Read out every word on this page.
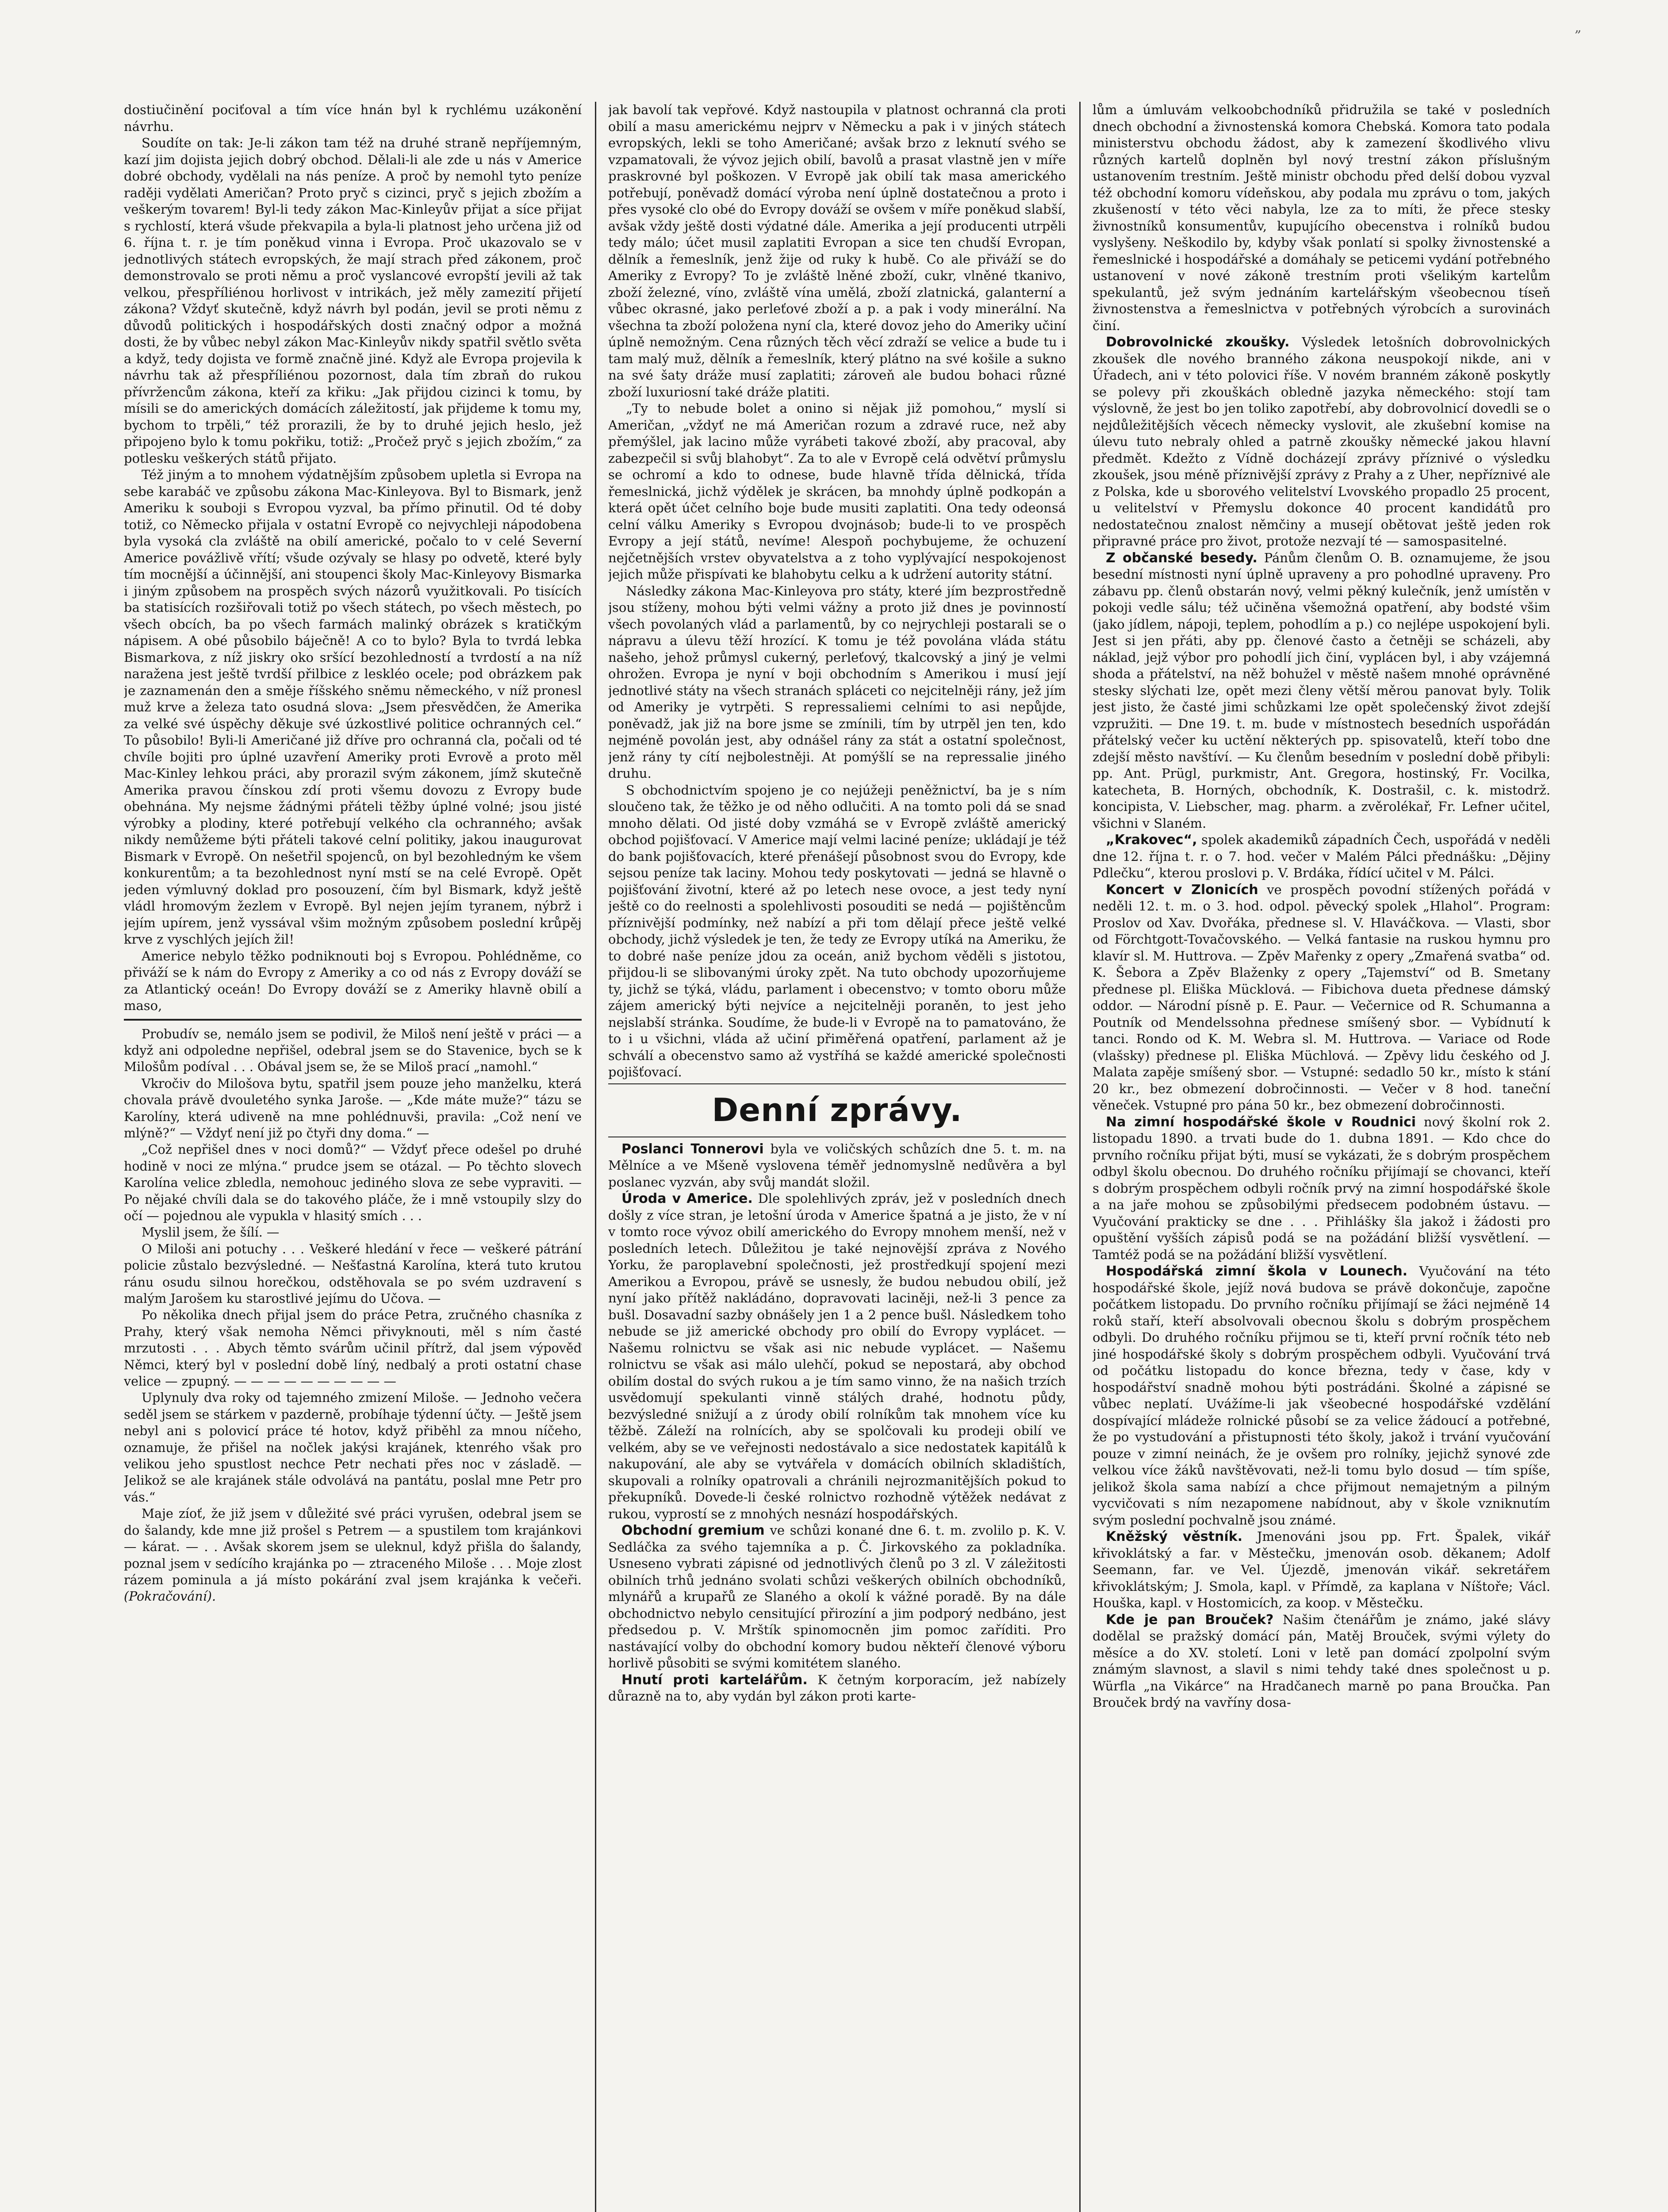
„

dostiučinění pociťoval a tím více hnán byl k rychlému uzákonění návrhu.

Soudíte on tak: Je-li zákon tam též na druhé straně nepříjemným, kazí jim dojista jejich dobrý obchod. Dělali-li ale zde u nás v Americe dobré obchody, vydělali na nás peníze. A proč by nemohl tyto peníze raději vydělati Američan? Proto pryč s cizinci, pryč s jejich zbožím a veškerým tovarem! Byl-li tedy zákon Mac-Kinleyův přijat a síce přijat s rychlostí, která všude překvapila a byla-li platnost jeho určena již od 6. října t. r. je tím poněkud vinna i Evropa. Proč ukazovalo se v jednotlivých státech evropských, že mají strach před zákonem, proč demonstrovalo se proti němu a proč vyslancové evropští jevili až tak velkou, přespříliénou horlivost v intrikách, jež měly zamezití přijetí zákona? Vždyť skutečně, když návrh byl podán, jevil se proti němu z důvodů politických i hospodářských dosti značný odpor a možná dosti, že by vůbec nebyl zákon Mac-Kinleyův nikdy spatřil světlo světa a když, tedy dojista ve formě značně jiné. Když ale Evropa projevila k návrhu tak až přespříliénou pozornost, dala tím zbraň do rukou přívržencům zákona, kteří za křiku: „Jak přijdou cizinci k tomu, by mísili se do amerických domácích záležitostí, jak přijdeme k tomu my, bychom to trpěli,“ též prorazili, že by to druhé jejich heslo, jež připojeno bylo k tomu pokřiku, totiž: „Pročež pryč s jejich zbožím,“ za potlesku veškerých států přijato.

Též jiným a to mnohem výdatnějším způsobem upletla si Evropa na sebe karabáč ve způsobu zákona Mac-Kinleyova. Byl to Bismark, jenž Ameriku k souboji s Evropou vyzval, ba přímo přinutil. Od té doby totiž, co Německo přijala v ostatní Evropě co nejvychleji nápodobena byla vysoká cla zvláště na obilí americké, počalo to v celé Severní Americe povážlivě vřítí; všude ozývaly se hlasy po odvetě, které byly tím mocnější a účinnější, ani stoupenci školy Mac-Kinleyovy Bismarka i jiným způsobem na prospěch svých názorů využitkovali. Po tisících ba statisících rozšiřovali totiž po všech státech, po všech městech, po všech obcích, ba po všech farmách malinký obrázek s kratičkým nápisem. A obé působilo báječně! A co to bylo? Byla to tvrdá lebka Bismarkova, z níž jiskry oko sršící bezohledností a tvrdostí a na níž naražena jest ještě tvrdší přilbice z leskléo ocele; pod obrázkem pak je zaznamenán den a směje říšského sněmu německého, v níž pronesl muž krve a železa tato osudná slova: „Jsem přesvědčen, že Amerika za velké své úspěchy děkuje své úzkostlivé politice ochranných cel.“ To působilo! Byli-li Američané již dříve pro ochranná cla, počali od té chvíle bojiti pro úplné uzavření Ameriky proti Evrově a proto měl Mac-Kinley lehkou práci, aby prorazil svým zákonem, jímž skutečně Amerika pravou čínskou zdí proti všemu dovozu z Evropy bude obehnána. My nejsme žádnými přáteli těžby úplné volné; jsou jisté výrobky a plodiny, které potřebují velkého cla ochranného; avšak nikdy nemůžeme býti přáteli takové celní politiky, jakou inaugurovat Bismark v Evropě. On nešetřil spojenců, on byl bezohledným ke všem konkurentům; a ta bezohlednost nyní mstí se na celé Evropě. Opět jeden výmluvný doklad pro posouzení, čím byl Bismark, když ještě vládl hromovým žezlem v Evropě. Byl nejen jejím tyranem, nýbrž i jejím upírem, jenž vyssával všim možným způsobem poslední krůpěj krve z vyschlých jejích žil!

Americe nebylo těžko podniknouti boj s Evropou. Pohlédněme, co přiváží se k nám do Evropy z Ameriky a co od nás z Evropy dováží se za Atlantický oceán! Do Evropy dováží se z Ameriky hlavně obilí a maso,

Probudív se, nemálo jsem se podivil, že Miloš není ještě v práci — a když ani odpoledne nepřišel, odebral jsem se do Stavenice, bych se k Milošům podíval . . . Obával jsem se, že se Miloš prací „namohl.“

Vkročiv do Milošova bytu, spatřil jsem pouze jeho manželku, která chovala právě dvouletého synka Jaroše. — „Kde máte muže?“ tázu se Karolíny, která udiveně na mne pohlédnuvši, pravila: „Což není ve mlýně?“ — Vždyť není již po čtyři dny doma.“ —

„Což nepřišel dnes v noci domů?“ — Vždyť přece odešel po druhé hodině v noci ze mlýna.“ prudce jsem se otázal. — Po těchto slovech Karolína velice zbledla, nemohouc jediného slova ze sebe vypraviti. — Po nějaké chvíli dala se do takového pláče, že i mně vstoupily slzy do očí — pojednou ale vypukla v hlasitý smích . . .

Myslil jsem, že šílí. —

O Miloši ani potuchy . . . Veškeré hledání v řece — veškeré pátrání policie zůstalo bezvýsledné. — Nešťastná Karolína, která tuto krutou ránu osudu silnou horečkou, odstěhovala se po svém uzdravení s malým Jarošem ku starostlivé jejímu do Učova. —

Po několika dnech přijal jsem do práce Petra, zručného chasníka z Prahy, který však nemoha Němci přivyknouti, měl s ním časté mrzutosti . . . Abych těmto svárům učinil přítrž, dal jsem výpověď Němci, který byl v poslední době líný, nedbalý a proti ostatní chase velice — zpupný. — — — — — — — — — —

Uplynuly dva roky od tajemného zmizení Miloše. — Jednoho večera seděl jsem se stárkem v pazderně, probíhaje týdenní účty. — Ještě jsem nebyl ani s polovicí práce té hotov, když přiběhl za mnou níčeho, oznamuje, že přišel na nočlek jakýsi krajánek, ktenrého však pro velikou jeho spustlost nechce Petr nechati přes noc v zásladě. — Jelikož se ale krajánek stále odvolává na pantátu, poslal mne Petr pro vás.“

Maje zíoť, že již jsem v důležité své práci vyrušen, odebral jsem se do šalandy, kde mne již prošel s Petrem — a spustilem tom krajánkovi — kárat. — . . Avšak skorem jsem se uleknul, když přišla do šalandy, poznal jsem v sedícího krajánka po — ztraceného Miloše . . . Moje zlost rázem pominula a já místo pokárání zval jsem krajánka k večeři. (Pokračování).

jak bavolí tak vepřové. Když nastoupila v platnost ochranná cla proti obilí a masu americkému nejprv v Německu a pak i v jiných státech evropských, lekli se toho Američané; avšak brzo z leknutí svého se vzpamatovali, že vývoz jejich obilí, bavolů a prasat vlastně jen v míře praskrovné byl poškozen. V Evropě jak obilí tak masa amerického potřebují, poněvadž domácí výroba není úplně dostatečnou a proto i přes vysoké clo obé do Evropy dováží se ovšem v míře poněkud slabší, avšak vždy ještě dosti výdatné dále. Amerika a její producenti utrpěli tedy málo; účet musil zaplatiti Evropan a sice ten chudší Evropan, dělník a řemeslník, jenž žije od ruky k hubě. Co ale přiváží se do Ameriky z Evropy? To je zvláště lněné zboží, cukr, vlněné tkanivo, zboží železné, víno, zvláště vína umělá, zboží zlatnická, galanterní a vůbec okrasné, jako perleťové zboží a p. a pak i vody minerální. Na všechna ta zboží položena nyní cla, které dovoz jeho do Ameriky učiní úplně nemožným. Cena různých těch věcí zdraží se velice a bude tu i tam malý muž, dělník a řemeslník, který plátno na své košile a sukno na své šaty dráže musí zaplatiti; zároveň ale budou bohaci různé zboží luxuriosní také dráže platiti.

„Ty to nebude bolet a onino si nějak již pomohou,“ myslí si Američan, „vždyť ne má Američan rozum a zdravé ruce, než aby přemýšlel, jak lacino může vyrábeti takové zboží, aby pracoval, aby zabezpečil si svůj blahobyt“. Za to ale v Evropě celá odvětví průmyslu se ochromí a kdo to odnese, bude hlavně třída dělnická, třída řemeslnická, jichž výdělek je skrácen, ba mnohdy úplně podkopán a která opět účet celního boje bude musiti zaplatiti. Ona tedy odeonsá celní válku Ameriky s Evropou dvojnásob; bude-li to ve prospěch Evropy a její států, nevíme! Alespoň pochybujeme, že ochuzení nejčetnějších vrstev obyvatelstva a z toho vyplývající nespokojenost jejich může přispívati ke blahobytu celku a k udržení autority státní.

Následky zákona Mac-Kinleyova pro státy, které jím bezprostředně jsou stíženy, mohou býti velmi vážny a proto již dnes je povinností všech povolaných vlád a parlamentů, by co nejrychleji postarali se o nápravu a úlevu těží hrozící. K tomu je též povolána vláda státu našeho, jehož průmysl cukerný, perleťový, tkalcovský a jiný je velmi ohrožen. Evropa je nyní v boji obchodním s Amerikou i musí její jednotlivé státy na všech stranách spláceti co nejcitelněji rány, jež jím od Ameriky je vytrpěti. S repressaliemi celními to asi nepůjde, poněvadž, jak již na bore jsme se zmínili, tím by utrpěl jen ten, kdo nejméně povolán jest, aby odnášel rány za stát a ostatní společnost, jenž rány ty cítí nejbolestněji. At pomýšlí se na repressalie jiného druhu.

S obchodnictvím spojeno je co nejúžeji peněžnictví, ba je s ním sloučeno tak, že těžko je od něho odlučiti. A na tomto poli dá se snad mnoho dělati. Od jisté doby vzmáhá se v Evropě zvláště americký obchod pojišťovací. V Americe mají velmi laciné peníze; ukládají je též do bank pojišťovacích, které přenášejí působnost svou do Evropy, kde sejsou peníze tak laciny. Mohou tedy poskytovati — jedná se hlavně o pojišťování životní, které až po letech nese ovoce, a jest tedy nyní ještě co do reelnosti a spolehlivosti posouditi se nedá — pojištěncům příznivější podmínky, než nabízí a při tom dělají přece ještě velké obchody, jichž výsledek je ten, že tedy ze Evropy utíká na Ameriku, že to dobré naše peníze jdou za oceán, aniž bychom věděli s jistotou, přijdou-li se slibovanými úroky zpět. Na tuto obchody upozorňujeme ty, jichž se týká, vládu, parlament i obecenstvo; v tomto oboru může zájem americký býti nejvíce a nejcitelněji poraněn, to jest jeho nejslabší stránka. Soudíme, že bude-li v Evropě na to pamatováno, že to i u všichni, vláda až učiní přiměřená opatření, parlament až je schválí a obecenstvo samo až vystříhá se každé americké společnosti pojišťovací.

Denní zprávy.

Poslanci Tonnerovi byla ve voličských schůzích dne 5. t. m. na Mělníce a ve Mšeně vyslovena téměř jednomyslně nedůvěra a byl poslanec vyzván, aby svůj mandát složil.

Úroda v Americe. Dle spolehlivých zpráv, jež v posledních dnech došly z více stran, je letošní úroda v Americe špatná a je jisto, že v ní v tomto roce vývoz obilí amerického do Evropy mnohem menší, než v posledních letech. Důležitou je také nejnovější zpráva z Nového Yorku, že paroplavební společnosti, jež prostředkují spojení mezi Amerikou a Evropou, právě se usnesly, že budou nebudou obilí, jež nyní jako přítěž nakládáno, dopravovati laciněji, než-li 3 pence za bušl. Dosavadní sazby obnášely jen 1 a 2 pence bušl. Následkem toho nebude se již americké obchody pro obilí do Evropy vyplácet. — Našemu rolnictvu se však asi nic nebude vyplácet. — Našemu rolnictvu se však asi málo ulehčí, pokud se nepostará, aby obchod obilím dostal do svých rukou a je tím samo vinno, že na našich trzích usvědomují spekulanti vinně stálých drahé, hodnotu půdy, bezvýsledné snižují a z úrody obilí rolníkům tak mnohem více ku těžbě. Záleží na rolnících, aby se spolčovali ku prodeji obilí ve velkém, aby se ve veřejnosti nedostávalo a sice nedostatek kapitálů k nakupování, ale aby se vytvářela v domácích obilních skladištích, skupovali a rolníky opatrovali a chránili nejrozmanitějších pokud to překupníků. Dovede-li české rolnictvo rozhodně výtěžek nedávat z rukou, vyprostí se z mnohých nesnází hospodářských.

Obchodní gremium ve schůzi konané dne 6. t. m. zvolilo p. K. V. Sedláčka za svého tajemníka a p. Č. Jirkovského za pokladníka. Usneseno vybrati zápisné od jednotlivých členů po 3 zl. V záležitosti obilních trhů jednáno svolati schůzi veškerých obilních obchodníků, mlynářů a krupařů ze Slaného a okolí k vážné poradě. By na dále obchodnictvo nebylo censitující přirozíní a jim podporý nedbáno, jest předsedou p. V. Mrštík spinomocněn jim pomoc zaříditi. Pro nastávající volby do obchodní komory budou někteří členové výboru horlivě působiti se svými komitétem slaného.

Hnutí proti kartelářům. K četným korporacím, jež nabízely důrazně na to, aby vydán byl zákon proti karte-

lům a úmluvám velkoobchodníků přidružila se také v posledních dnech obchodní a živnostenská komora Chebská. Komora tato podala ministerstvu obchodu žádost, aby k zamezení škodlivého vlivu různých kartelů doplněn byl nový trestní zákon příslušným ustanovením trestním. Ještě ministr obchodu před delší dobou vyzval též obchodní komoru vídeňskou, aby podala mu zprávu o tom, jakých zkušeností v této věci nabyla, lze za to míti, že přece stesky živnostníků konsumentův, kupujícího obecenstva i rolníků budou vyslyšeny. Neškodilo by, kdyby však ponlatí si spolky živnostenské a řemeslnické i hospodářské a domáhaly se peticemi vydání potřebného ustanovení v nové zákoně trestním proti všelikým kartelům spekulantů, jež svým jednáním kartelářským všeobecnou tíseň živnostenstva a řemeslnictva v potřebných výrobcích a surovinách činí.

Dobrovolnické zkoušky. Výsledek letošních dobrovolnických zkoušek dle nového branného zákona neuspokojí nikde, ani v Úřadech, ani v této polovici říše. V novém branném zákoně poskytly se polevy při zkouškách obledně jazyka německého: stojí tam výslovně, že jest bo jen toliko zapotřebí, aby dobrovolnicí dovedli se o nejdůležitějších věcech německy vyslovit, ale zkušební komise na úlevu tuto nebraly ohled a patrně zkoušky německé jakou hlavní předmět. Kdežto z Vídně docházejí zprávy příznivé o výsledku zkoušek, jsou méně příznivější zprávy z Prahy a z Uher, nepříznivé ale z Polska, kde u sborového velitelství Lvovského propadlo 25 procent, u velitelství v Přemyslu dokonce 40 procent kandidátů pro nedostatečnou znalost němčiny a musejí obětovat ještě jeden rok připravné práce pro život, protože nezvají té — samospasitelné.

Z občanské besedy. Pánům členům O. B. oznamujeme, že jsou besední místnosti nyní úplně upraveny a pro pohodlné upraveny. Pro zábavu pp. členů obstarán nový, velmi pěkný kulečník, jenž umístěn v pokoji vedle sálu; též učiněna všemožná opatření, aby bodsté všim (jako jídlem, nápoji, teplem, pohodlím a p.) co nejlépe uspokojení byli. Jest si jen přáti, aby pp. členové často a četněji se scházeli, aby náklad, jejž výbor pro pohodlí jich činí, vyplácen byl, i aby vzájemná shoda a přátelství, na něž bohužel v městě našem mnohé oprávněné stesky slýchati lze, opět mezi členy větší měrou panovat byly. Tolik jest jisto, že časté jimi schůzkami lze opět společenský život zdejší vzpružiti. — Dne 19. t. m. bude v místnostech besedních uspořádán přátelský večer ku uctění některých pp. spisovatelů, kteří tobo dne zdejší město navštíví. — Ku členům besedním v poslední době přibyli: pp. Ant. Prügl, purkmistr, Ant. Gregora, hostinský, Fr. Vocilka, katecheta, B. Horných, obchodník, K. Dostrašil, c. k. mistodrž. koncipista, V. Liebscher, mag. pharm. a zvěrolékař, Fr. Lefner učitel, všichni v Slaném.

„Krakovec“, spolek akademiků západních Čech, uspořádá v neděli dne 12. října t. r. o 7. hod. večer v Malém Pálci přednášku: „Dějiny Pdlečku“, kterou proslovi p. V. Brdáka, řídící učitel v M. Pálci.

Koncert v Zlonicích ve prospěch povodní stížených pořádá v neděli 12. t. m. o 3. hod. odpol. pěvecký spolek „Hlahol“. Program: Proslov od Xav. Dvořáka, přednese sl. V. Hlaváčkova. — Vlasti, sbor od Förchtgott-Tovačovského. — Velká fantasie na ruskou hymnu pro klavír sl. M. Huttrova. — Zpěv Mařenky z opery „Zmařená svatba“ od. K. Šebora a Zpěv Blaženky z opery „Tajemství“ od B. Smetany přednese pl. Eliška Mücklová. — Fibichova dueta přednese dámský oddor. — Národní písně p. E. Paur. — Večernice od R. Schumanna a Poutník od Mendelssohna přednese smíšený sbor. — Vybídnutí k tanci. Rondo od K. M. Webra sl. M. Huttrova. — Variace od Rode (vlašsky) přednese pl. Eliška Müchlová. — Zpěvy lidu českého od J. Malata zapěje smíšený sbor. — Vstupné: sedadlo 50 kr., místo k stání 20 kr., bez obmezení dobročinnosti. — Večer v 8 hod. taneční věneček. Vstupné pro pána 50 kr., bez obmezení dobročinnosti.

Na zimní hospodářské škole v Roudnici nový školní rok 2. listopadu 1890. a trvati bude do 1. dubna 1891. — Kdo chce do prvního ročníku přijat býti, musí se vykázati, že s dobrým prospěchem odbyl školu obecnou. Do druhého ročníku přijímají se chovanci, kteří s dobrým prospěchem odbyli ročník prvý na zimní hospodářské škole a na jaře mohou se způsobilými předsecem podobném ústavu. — Vyučování prakticky se dne . . . Přihlášky šla jakož i žádosti pro opuštění vyšších zápisů podá se na požádání bližší vysvětlení. — Tamtéž podá se na požádání bližší vysvětlení.

Hospodářská zimní škola v Lounech. Vyučování na této hospodářské škole, jejíž nová budova se právě dokončuje, započne počátkem listopadu. Do prvního ročníku přijímají se žáci nejméně 14 roků staří, kteří absolvovali obecnou školu s dobrým prospěchem odbyli. Do druhého ročníku přijmou se ti, kteří první ročník této neb jiné hospodářské školy s dobrým prospěchem odbyli. Vyučování trvá od počátku listopadu do konce března, tedy v čase, kdy v hospodářství snadně mohou býti postrádáni. Školné a zápisné se vůbec neplatí. Uvážíme-li jak všeobecné hospodářské vzdělání dospívající mládeže rolnické působí se za velice žádoucí a potřebné, že po vystudování a přistupnosti této školy, jakož i trvání vyučování pouze v zimní neinách, že je ovšem pro rolníky, jejichž synové zde velkou více žáků navštěvovati, než-li tomu bylo dosud — tím spíše, jelikož škola sama nabízí a chce přijmout nemajetným a pilným vycvičovati s ním nezapomene nabídnout, aby v škole vzniknutím svým poslední pochvalně jsou známé.

Kněžský věstník. Jmenováni jsou pp. Frt. Špalek, vikář křivoklátský a far. v Městečku, jmenován osob. děkanem; Adolf Seemann, far. ve Vel. Újezdě, jmenován vikář. sekretářem křivoklátským; J. Smola, kapl. v Přímdě, za kaplana v Níštoře; Václ. Houška, kapl. v Hostomicích, za koop. v Městečku.

Kde je pan Brouček? Našim čtenářům je známo, jaké slávy dodělal se pražský domácí pán, Matěj Brouček, svými výlety do měsíce a do XV. století. Loni v letě pan domácí zpolpolní svým známým slavnost, a slavil s nimi tehdy také dnes společnost u p. Würfla „na Vikárce“ na Hradčanech marně po pana Broučka. Pan Brouček brdý na vavříny dosa-
